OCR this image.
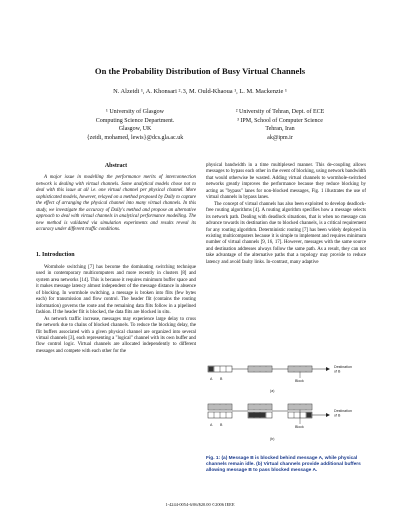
On the Probability Distribution of Busy Virtual Channels
N. Alzeidi ¹, A. Khonsari ²˒3, M. Ould-Khaoua ¹, L. M. Mackenzie ¹
¹ University of Glasgow
Computing Science Department.
Glasgow, UK
{zeidi, mohamed, lewis}@dcs.gla.ac.uk
² University of Tehran, Dept. of ECE
³ IPM, School of Computer Science
Tehran, Iran
ak@ipm.ir
Abstract

A major issue in modelling the performance merits of interconnection network is dealing with virtual channels. Some analytical models chose not to deal with this issue at all i.e. one virtual channel per physical channel. More sophisticated models, however, relayed on a method proposed by Dally to capture the effect of arranging the physical channel into many virtual channels. In this study, we investigate the accuracy of Dally's method and propose an alternative approach to deal with virtual channels in analytical performance modelling. The new method is validated via simulation experiments and results reveal its accuracy under different traffic conditions.

1. Introduction

Wormhole switching [7] has become the dominating switching technique used in contemporary multicomputers and more recently in clusters [8] and system area networks [14]. This is because it requires minimum buffer space and it makes message latency almost independent of the message distance in absence of blocking. In wormhole switching, a message is broken into flits (few bytes each) for transmission and flow control. The header flit (contains the routing information) governs the route and the remaining data flits follow in a pipelined fashion. If the header flit is blocked, the data flits are blocked in situ.

As network traffic increase, messages may experience large delay to cross the network due to chains of blocked channels. To reduce the blocking delay, the flit buffers associated with a given physical channel are organized into several virtual channels [3], each representing a "logical" channel with its own buffer and flow control logic. Virtual channels are allocated independently to different messages and compete with each other for the

physical bandwidth in a time multiplexed manner. This de-coupling allows messages to bypass each other in the event of blocking, using network bandwidth that would otherwise be wasted. Adding virtual channels to wormhole-switched networks greatly improves the performance because they reduce blocking by acting as "bypass" lanes for non-blocked messages, Fig. 1 illustrates the use of virtual channels in bypass lanes.

The concept of virtual channels has also been exploited to develop deadlock-free routing algorithms [4]. A routing algorithm specifies how a message selects its network path. Dealing with deadlock situations, that is when no message can advance towards its destination due to blocked channels, is a critical requirement for any routing algorithm. Deterministic routing [7] has been widely deployed in existing multicomputers because it is simple to implement and requires minimum number of virtual channels [9, 16, 17]. However, messages with the same source and destination addresses always follow the same path. As a result, they can not take advantage of the alternative paths that a topology may provide to reduce latency and avoid faulty links. In-contrast, many adaptive

Destination
of B
A B	Block
(a)
Destination
of B
A B	Block
(b)
Fig. 1: (a) Message B is blocked behind message A, while physical channels remain idle. (b) Virtual channels provide additional buffers allowing message B to pass blocked message A.
1-4244-0054-6/06/$20.00 ©2006 IEEE
